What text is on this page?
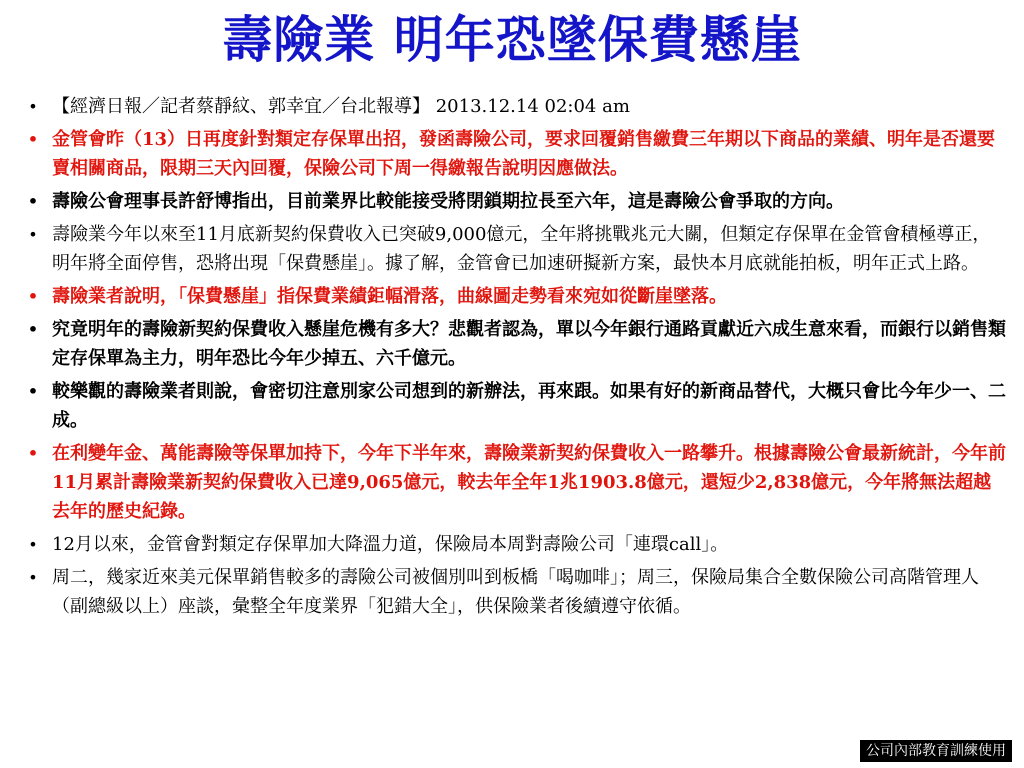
壽險業 明年恐墜保費懸崖
• 【經濟日報／記者蔡靜紋、郭幸宜／台北報導】 2013.12.14 02:04 am
• 金管會昨（13）日再度針對類定存保單出招，發函壽險公司，要求回覆銷售繳費三年期以下商品的業績、明年是否還要賣相關商品，限期三天內回覆，保險公司下周一得繳報告說明因應做法。
• 壽險公會理事長許舒博指出，目前業界比較能接受將閉鎖期拉長至六年，這是壽險公會爭取的方向。
• 壽險業今年以來至11月底新契約保費收入已突破9,000億元，全年將挑戰兆元大關，但類定存保單在金管會積極導正，明年將全面停售，恐將出現「保費懸崖」。據了解，金管會已加速研擬新方案，最快本月底就能拍板，明年正式上路。
• 壽險業者說明，「保費懸崖」指保費業績鉅幅滑落，曲線圖走勢看來宛如從斷崖墜落。
• 究竟明年的壽險新契約保費收入懸崖危機有多大？悲觀者認為，單以今年銀行通路貢獻近六成生意來看，而銀行以銷售類定存保單為主力，明年恐比今年少掉五、六千億元。
• 較樂觀的壽險業者則說，會密切注意別家公司想到的新辦法，再來跟。如果有好的新商品替代，大概只會比今年少一、二成。
• 在利變年金、萬能壽險等保單加持下，今年下半年來，壽險業新契約保費收入一路攀升。根據壽險公會最新統計，今年前11月累計壽險業新契約保費收入已達9,065億元，較去年全年1兆1903.8億元，還短少2,838億元，今年將無法超越去年的歷史紀錄。
• 12月以來，金管會對類定存保單加大降溫力道，保險局本周對壽險公司「連環call」。
• 周二，幾家近來美元保單銷售較多的壽險公司被個別叫到板橋「喝咖啡」；周三，保險局集合全數保險公司高階管理人（副總級以上）座談，彙整全年度業界「犯錯大全」，供保險業者後續遵守依循。
公司內部教育訓練使用
